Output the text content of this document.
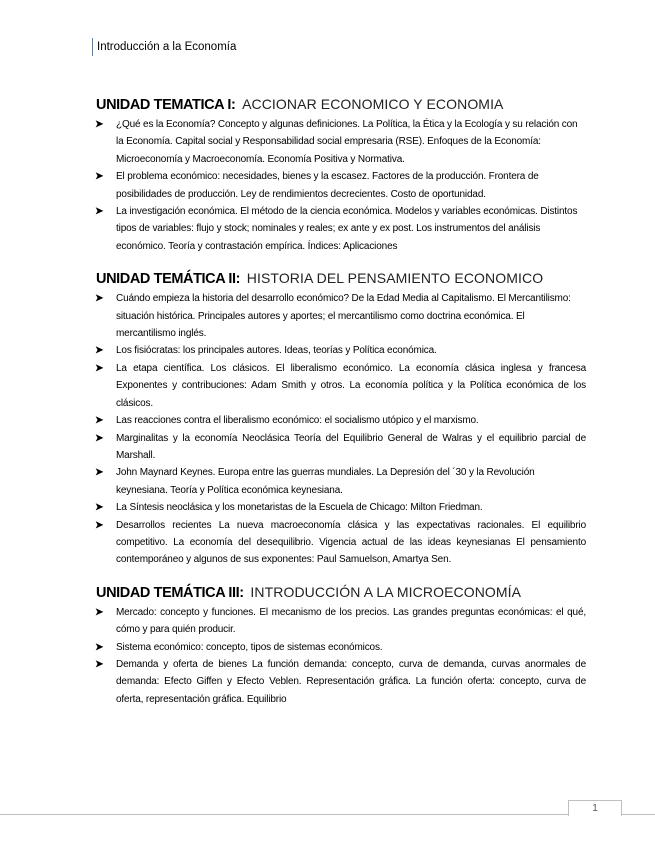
Introducción a la Economía
UNIDAD TEMATICA I: ACCIONAR ECONOMICO Y ECONOMIA
➤ ¿Qué es la Economía? Concepto y algunas definiciones. La Política, la Ética y la Ecología y su relación con la Economía. Capital social y Responsabilidad social empresaria (RSE). Enfoques de la Economía: Microeconomía y Macroeconomía. Economía Positiva y Normativa.
➤ El problema económico: necesidades, bienes y la escasez. Factores de la producción. Frontera de posibilidades de producción. Ley de rendimientos decrecientes. Costo de oportunidad.
➤ La investigación económica. El método de la ciencia económica. Modelos y variables económicas. Distintos tipos de variables: flujo y stock; nominales y reales; ex ante y ex post. Los instrumentos del análisis económico. Teoría y contrastación empírica. Índices: Aplicaciones
UNIDAD TEMÁTICA II: HISTORIA DEL PENSAMIENTO ECONOMICO
➤ Cuándo empieza la historia del desarrollo económico? De la Edad Media al Capitalismo. El Mercantilismo: situación histórica. Principales autores y aportes; el mercantilismo como doctrina económica. El mercantilismo inglés.
➤ Los fisiócratas: los principales autores. Ideas, teorías y Política económica.
➤ La etapa científica. Los clásicos. El liberalismo económico. La economía clásica inglesa y francesa Exponentes y contribuciones: Adam Smith y otros. La economía política y la Política económica de los clásicos.
➤ Las reacciones contra el liberalismo económico: el socialismo utópico y el marxismo.
➤ Marginalitas y la economía Neoclásica Teoría del Equilibrio General de Walras y el equilibrio parcial de Marshall.
➤ John Maynard Keynes. Europa entre las guerras mundiales. La Depresión del ´30 y la Revolución keynesiana. Teoría y Política económica keynesiana.
➤ La Síntesis neoclásica y los monetaristas de la Escuela de Chicago: Milton Friedman.
➤ Desarrollos recientes La nueva macroeconomía clásica y las expectativas racionales. El equilibrio competitivo. La economía del desequilibrio. Vigencia actual de las ideas keynesianas El pensamiento contemporáneo y algunos de sus exponentes: Paul Samuelson, Amartya Sen.
UNIDAD TEMÁTICA III: INTRODUCCIÓN A LA MICROECONOMÍA
➤ Mercado: concepto y funciones. El mecanismo de los precios. Las grandes preguntas económicas: el qué, cómo y para quién producir.
➤ Sistema económico: concepto, tipos de sistemas económicos.
➤ Demanda y oferta de bienes La función demanda: concepto, curva de demanda, curvas anormales de demanda: Efecto Giffen y Efecto Veblen. Representación gráfica. La función oferta: concepto, curva de oferta, representación gráfica. Equilibrio
1
